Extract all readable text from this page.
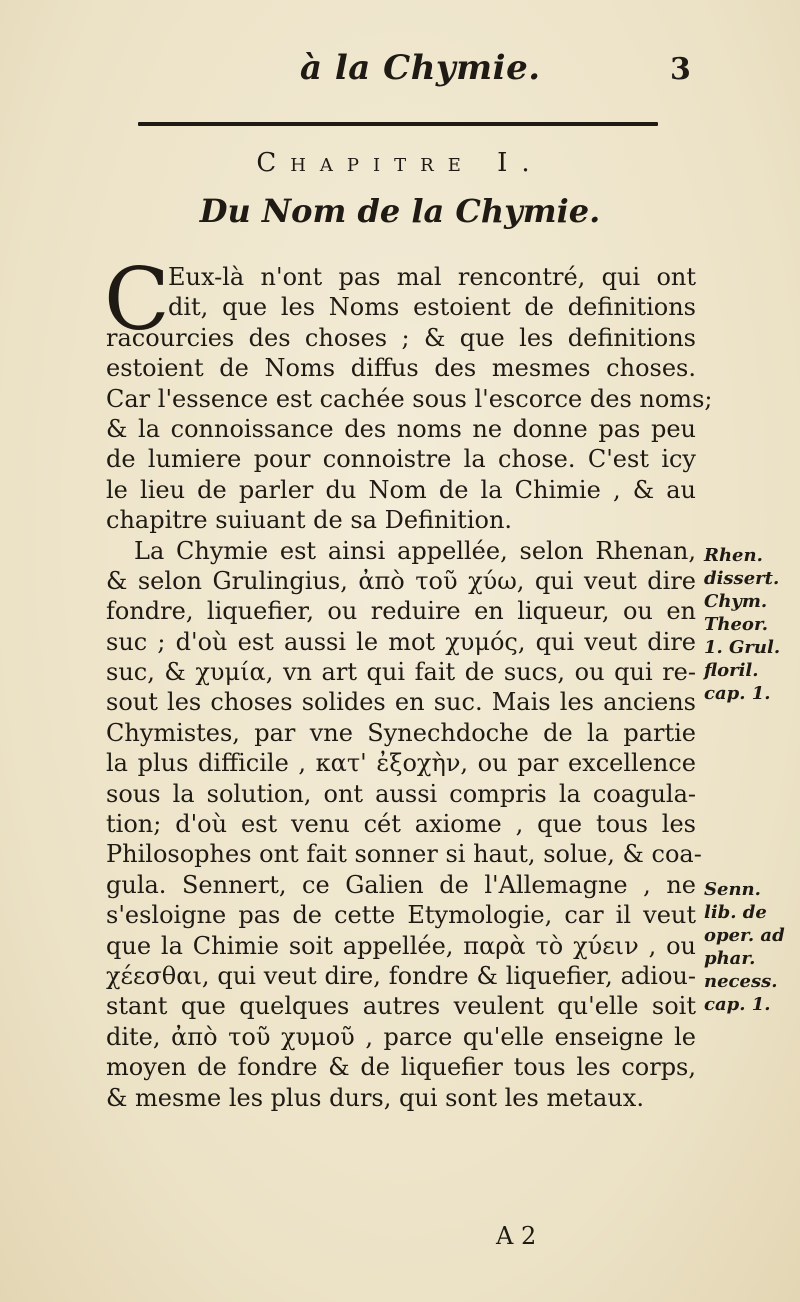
à la Chymie.	3
Chapitre I.
Du Nom de la Chymie.
C
Eux-là n'ont pas mal rencontré, qui ont
dit, que les Noms estoient de definitions
racourcies des choses ; & que les definitions
estoient de Noms diffus des mesmes choses.
Car l'essence est cachée sous l'escorce des noms;
& la connoissance des noms ne donne pas peu
de lumiere pour connoistre la chose. C'est icy
le lieu de parler du Nom de la Chimie , & au
chapitre suiuant de sa Definition.
La Chymie est ainsi appellée, selon Rhenan,
& selon Grulingius, ἀπὸ τοῦ χύω, qui veut dire
fondre, liquefier, ou reduire en liqueur, ou en
suc ; d'où est aussi le mot χυμός, qui veut dire
suc, & χυμία, vn art qui fait de sucs, ou qui re-
sout les choses solides en suc. Mais les anciens
Chymistes, par vne Synechdoche de la partie
la plus difficile , κατ' ἐξοχὴν, ou par excellence
sous la solution, ont aussi compris la coagula-
tion; d'où est venu cét axiome , que tous les
Philosophes ont fait sonner si haut, solue, & coa-
gula. Sennert, ce Galien de l'Allemagne , ne
s'esloigne pas de cette Etymologie, car il veut
que la Chimie soit appellée, παρὰ τὸ χύειν , ou
χέεσθαι, qui veut dire, fondre & liquefier, adiou-
stant que quelques autres veulent qu'elle soit
dite, ἀπὸ τοῦ χυμοῦ , parce qu'elle enseigne le
moyen de fondre & de liquefier tous les corps,
& mesme les plus durs, qui sont les metaux.
Rhen.
dissert.
Chym.
Theor.
1. Grul.
floril.
cap. 1.
Senn.
lib. de
oper. ad
phar.
necess.
cap. 1.
A 2
